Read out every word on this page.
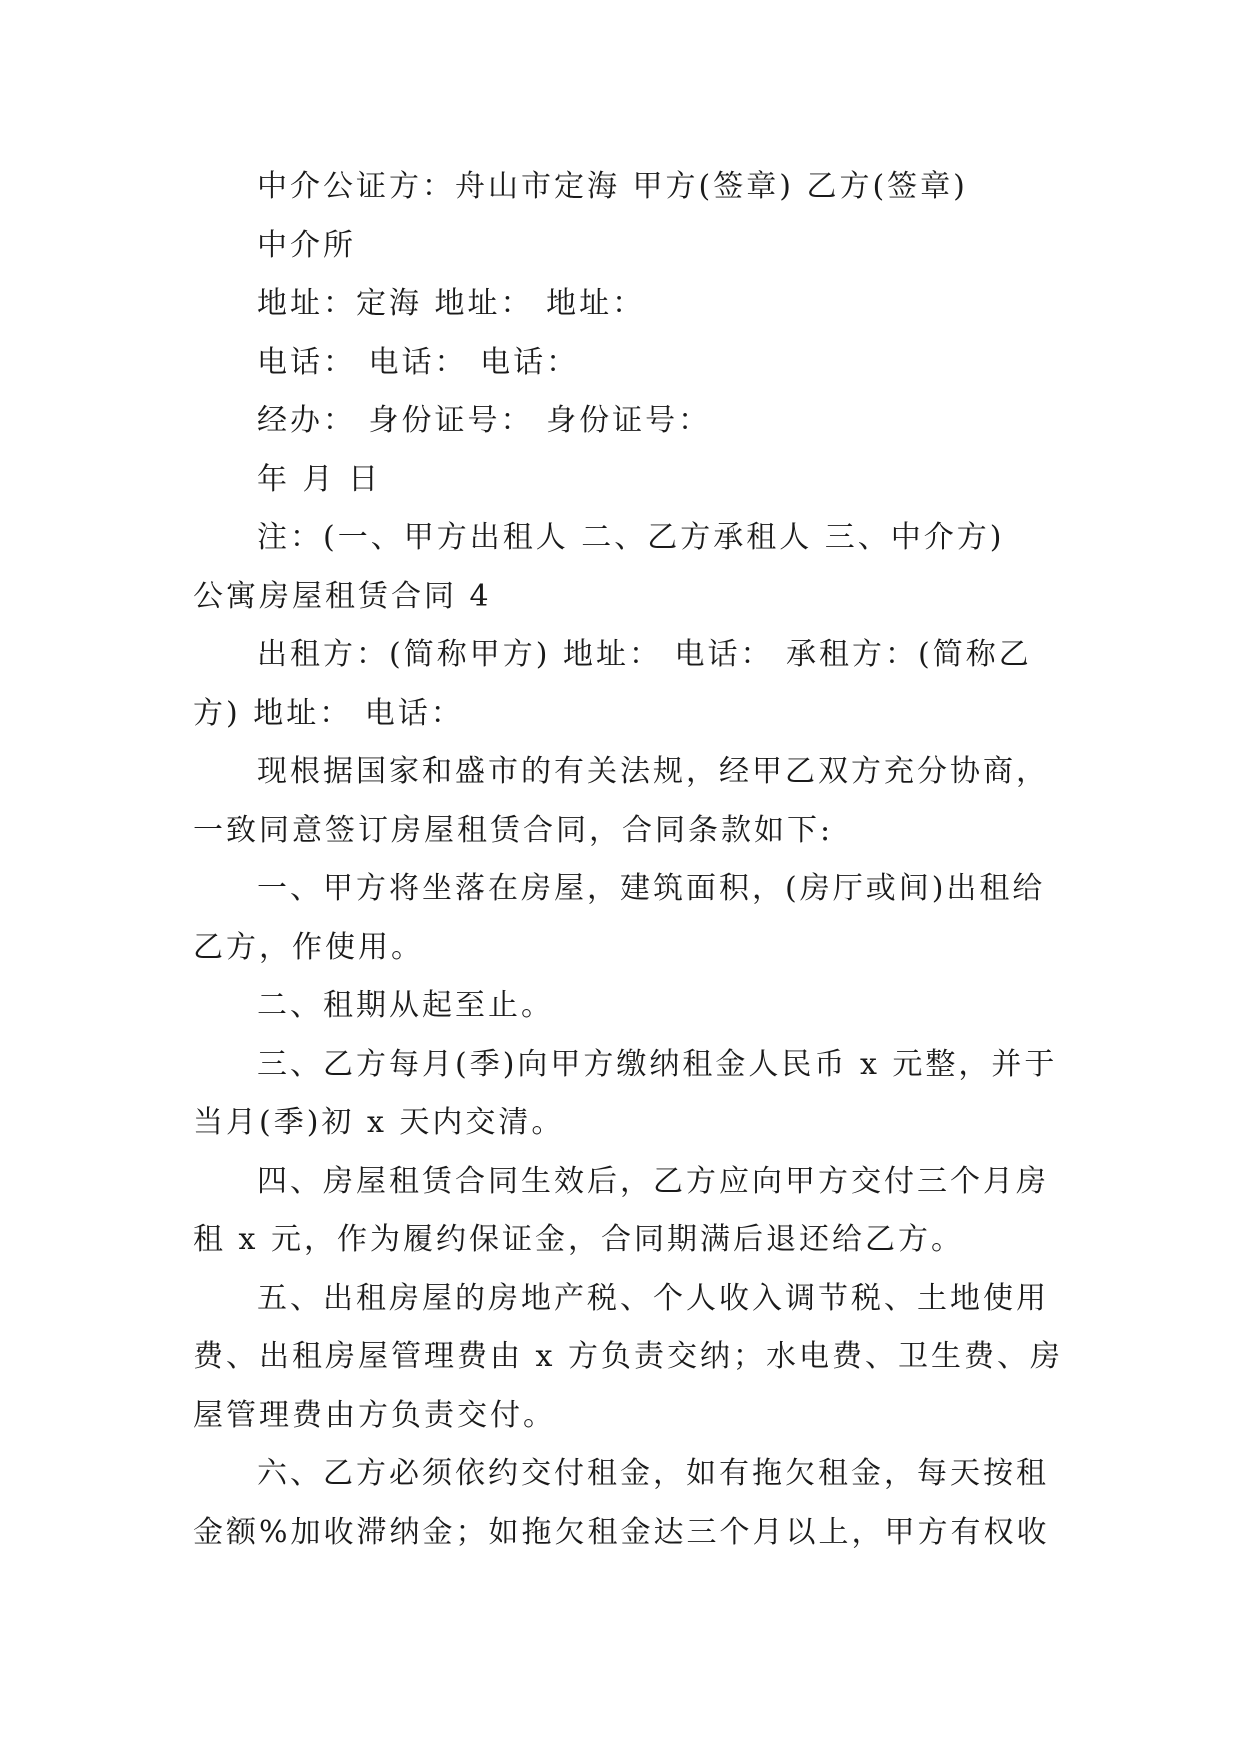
中介公证方：舟山市定海 甲方(签章) 乙方(签章)
中介所
地址：定海 地址： 地址：
电话： 电话： 电话：
经办： 身份证号： 身份证号：
年 月 日
注：(一、甲方出租人 二、乙方承租人 三、中介方)
公寓房屋租赁合同 4
出租方：(简称甲方) 地址： 电话： 承租方：(简称乙
方) 地址： 电话：
现根据国家和盛市的有关法规，经甲乙双方充分协商，
一致同意签订房屋租赁合同，合同条款如下:
一、甲方将坐落在房屋，建筑面积，(房厅或间)出租给
乙方，作使用。
二、租期从起至止。
三、乙方每月(季)向甲方缴纳租金人民币 x 元整，并于
当月(季)初 x 天内交清。
四、房屋租赁合同生效后，乙方应向甲方交付三个月房
租 x 元，作为履约保证金，合同期满后退还给乙方。
五、出租房屋的房地产税、个人收入调节税、土地使用
费、出租房屋管理费由 x 方负责交纳；水电费、卫生费、房
屋管理费由方负责交付。
六、乙方必须依约交付租金，如有拖欠租金，每天按租
金额%加收滞纳金；如拖欠租金达三个月以上，甲方有权收
